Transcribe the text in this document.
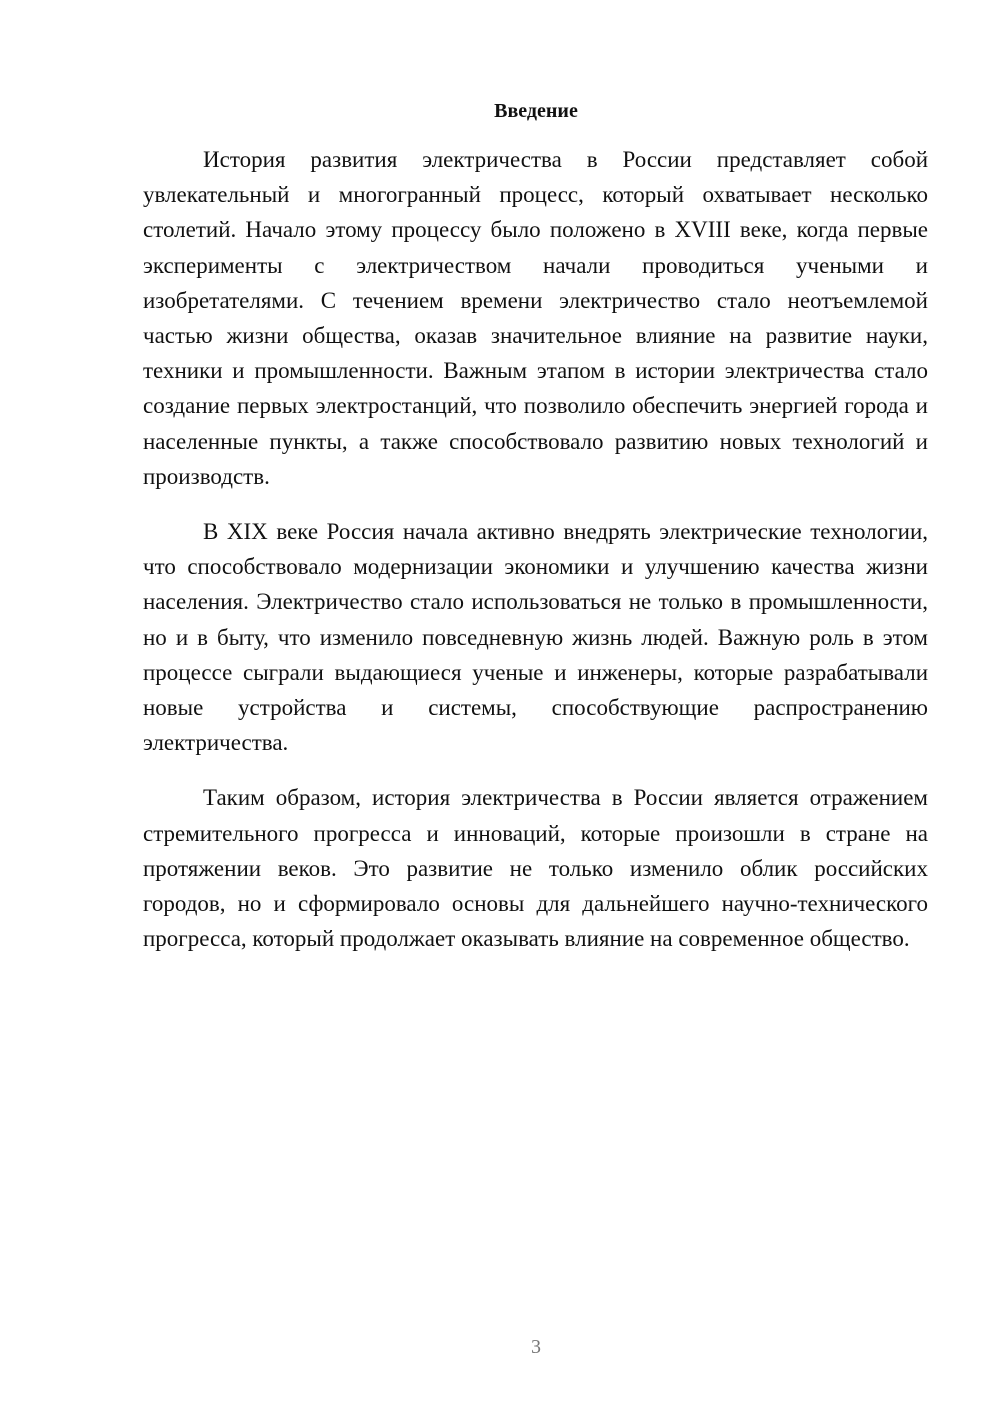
Введение

История развития электричества в России представляет собой увлекательный и многогранный процесс, который охватывает несколько столетий. Начало этому процессу было положено в XVIII веке, когда первые эксперименты с электричеством начали проводиться учеными и изобретателями. С течением времени электричество стало неотъемлемой частью жизни общества, оказав значительное влияние на развитие науки, техники и промышленности. Важным этапом в истории электричества стало создание первых электростанций, что позволило обеспечить энергией города и населенные пункты, а также способствовало развитию новых технологий и производств.

В XIX веке Россия начала активно внедрять электрические технологии, что способствовало модернизации экономики и улучшению качества жизни населения. Электричество стало использоваться не только в промышленности, но и в быту, что изменило повседневную жизнь людей. Важную роль в этом процессе сыграли выдающиеся ученые и инженеры, которые разрабатывали новые устройства и системы, способствующие распространению электричества.

Таким образом, история электричества в России является отражением стремительного прогресса и инноваций, которые произошли в стране на протяжении веков. Это развитие не только изменило облик российских городов, но и сформировало основы для дальнейшего научно-технического прогресса, который продолжает оказывать влияние на современное общество.

3
